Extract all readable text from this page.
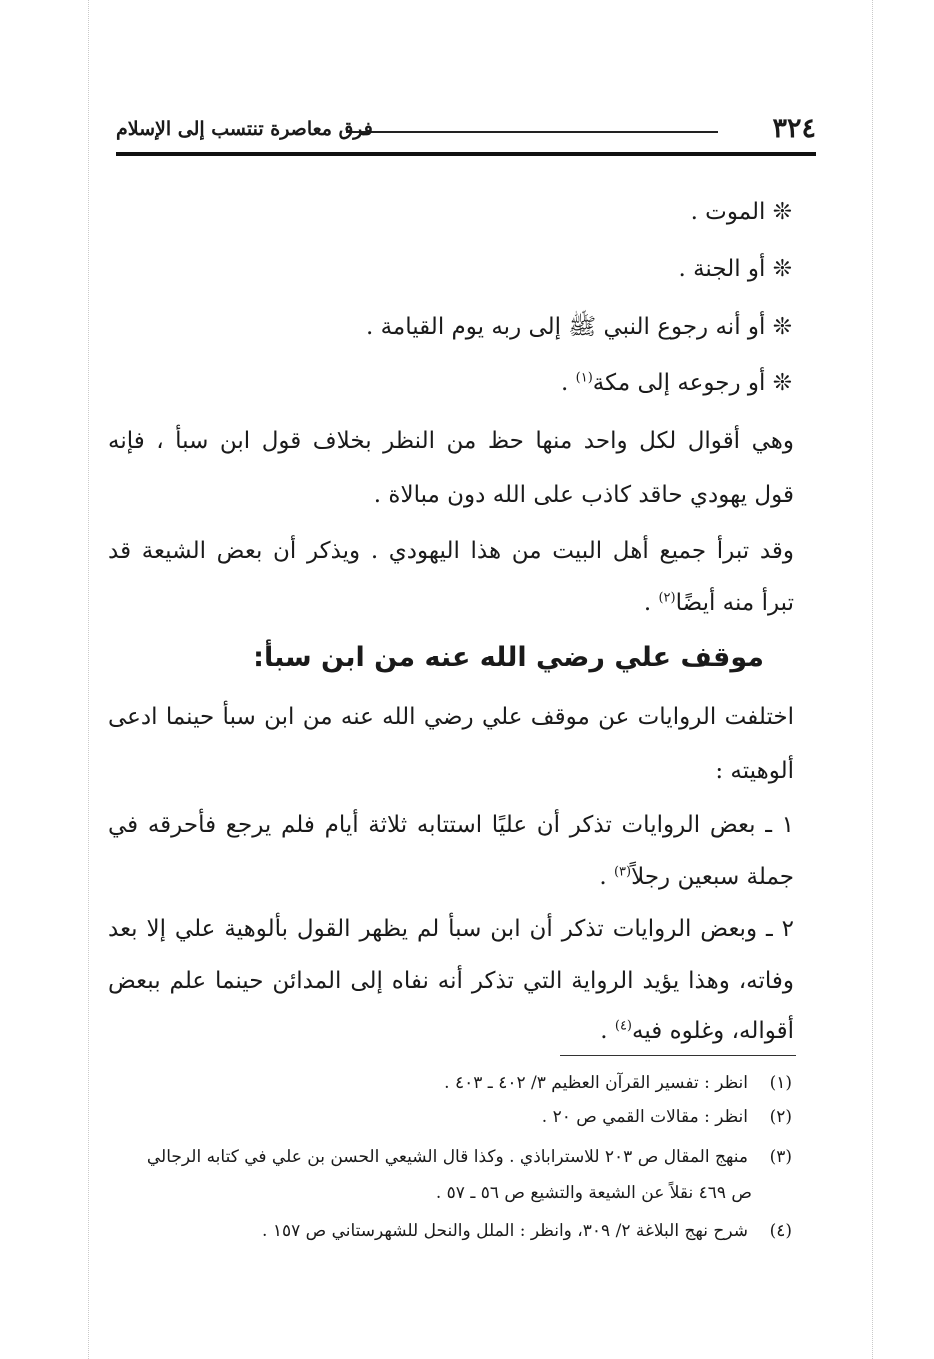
٣٢٤
فرق معاصرة تنتسب إلى الإسلام
❊ الموت .
❊ أو الجنة .
❊ أو أنه رجوع النبي ﷺ إلى ربه يوم القيامة .
❊ أو رجوعه إلى مكة$^{(١)}$ .
وهي أقوال لكل واحد منها حظ من النظر بخلاف قول ابن سبأ ، فإنه
قول يهودي حاقد كاذب على الله دون مبالاة .
وقد تبرأ جميع أهل البيت من هذا اليهودي . ويذكر أن بعض الشيعة قد
تبرأ منه أيضًا$^{(٢)}$ .
موقف علي رضي الله عنه من ابن سبأ:
اختلفت الروايات عن موقف علي رضي الله عنه من ابن سبأ حينما ادعى
ألوهيته :
١ ـ بعض الروايات تذكر أن عليًا استتابه ثلاثة أيام فلم يرجع فأحرقه في
جملة سبعين رجلاً$^{(٣)}$ .
٢ ـ وبعض الروايات تذكر أن ابن سبأ لم يظهر القول بألوهية علي إلا بعد
وفاته، وهذا يؤيد الرواية التي تذكر أنه نفاه إلى المدائن حينما علم ببعض
أقواله، وغلوه فيه$^{(٤)}$ .
(١)انظر : تفسير القرآن العظيم ٣/ ٤٠٢ ـ ٤٠٣ .
(٢)انظر : مقالات القمي ص ٢٠ .
(٣)منهج المقال ص ٢٠٣ للاستراباذي . وكذا قال الشيعي الحسن بن علي في كتابه الرجالي
ص ٤٦٩ نقلاً عن الشيعة والتشيع ص ٥٦ ـ ٥٧ .
(٤)شرح نهج البلاغة ٢/ ٣٠٩، وانظر : الملل والنحل للشهرستاني ص ١٥٧ .
